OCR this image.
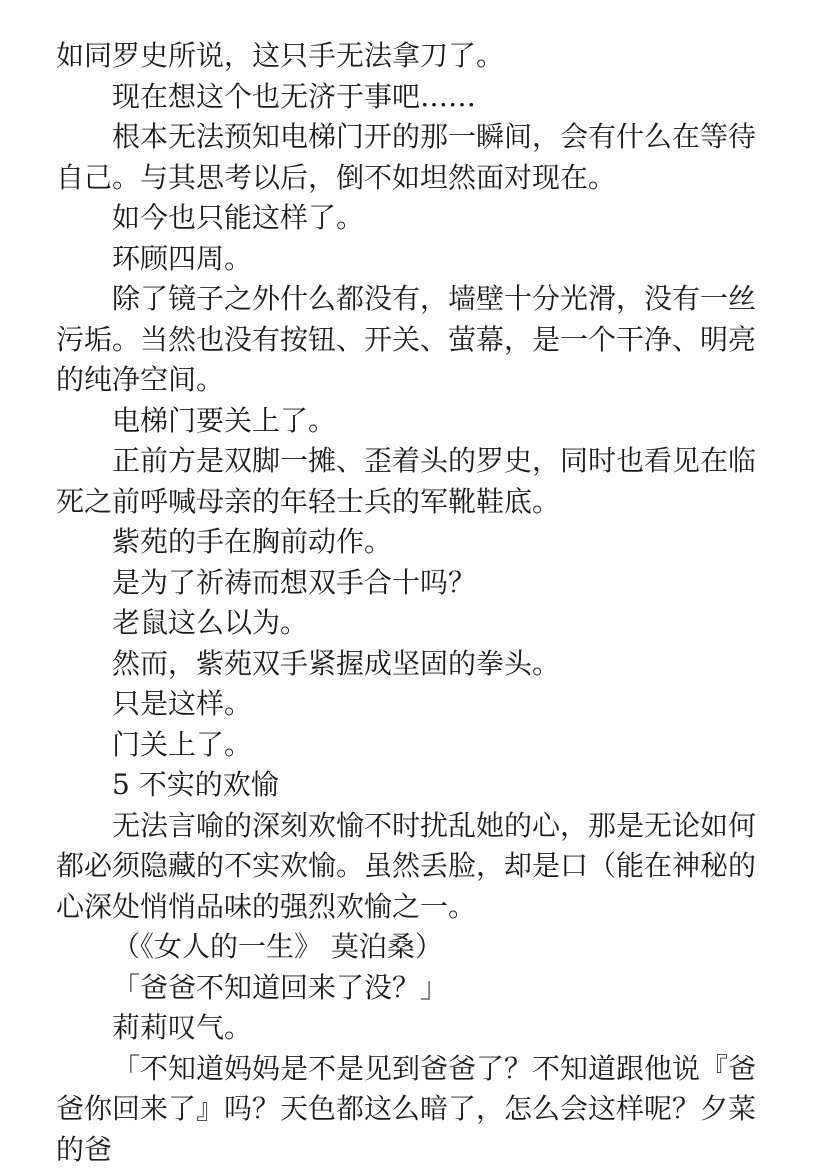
如同罗史所说，这只手无法拿刀了。

现在想这个也无济于事吧……

根本无法预知电梯门开的那一瞬间，会有什么在等待自己。与其思考以后，倒不如坦然面对现在。

如今也只能这样了。

环顾四周。

除了镜子之外什么都没有，墙壁十分光滑，没有一丝污垢。当然也没有按钮、开关、萤幕，是一个干净、明亮的纯净空间。

电梯门要关上了。

正前方是双脚一摊、歪着头的罗史，同时也看见在临死之前呼喊母亲的年轻士兵的军靴鞋底。

紫苑的手在胸前动作。

是为了祈祷而想双手合十吗？

老鼠这么以为。

然而，紫苑双手紧握成坚固的拳头。

只是这样。

门关上了。

5 不实的欢愉

无法言喻的深刻欢愉不时扰乱她的心，那是无论如何都必须隐藏的不实欢愉。虽然丢脸，却是口（能在神秘的心深处悄悄品味的强烈欢愉之一。

（《女人的一生》 莫泊桑）

「爸爸不知道回来了没？」

莉莉叹气。

「不知道妈妈是不是见到爸爸了？不知道跟他说『爸爸你回来了』吗？天色都这么暗了，怎么会这样呢？夕菜的爸
